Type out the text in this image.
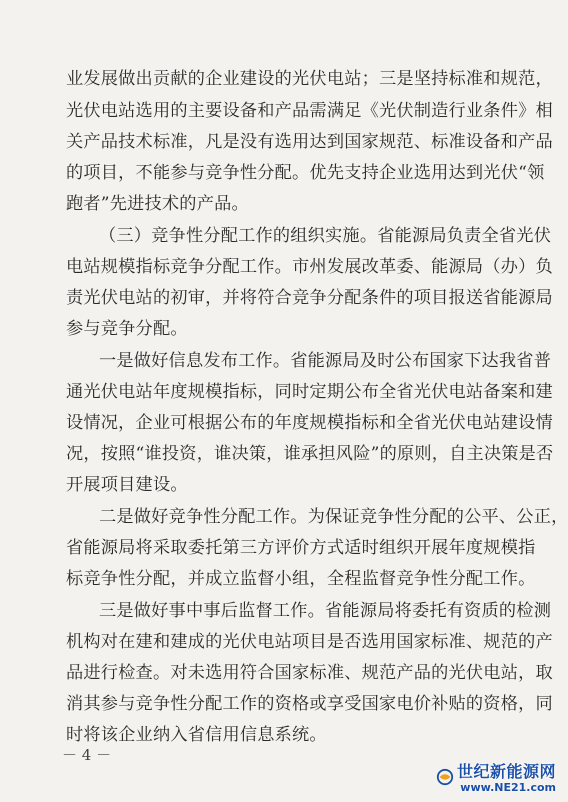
业发展做出贡献的企业建设的光伏电站；三是坚持标准和规范，
光伏电站选用的主要设备和产品需满足《光伏制造行业条件》相
关产品技术标准，凡是没有选用达到国家规范、标准设备和产品
的项目，不能参与竞争性分配。优先支持企业选用达到光伏“领
跑者”先进技术的产品。
（三）竞争性分配工作的组织实施。省能源局负责全省光伏
电站规模指标竞争分配工作。市州发展改革委、能源局（办）负
责光伏电站的初审，并将符合竞争分配条件的项目报送省能源局
参与竞争分配。
一是做好信息发布工作。省能源局及时公布国家下达我省普
通光伏电站年度规模指标，同时定期公布全省光伏电站备案和建
设情况，企业可根据公布的年度规模指标和全省光伏电站建设情
况，按照“谁投资，谁决策，谁承担风险”的原则，自主决策是否
开展项目建设。
二是做好竞争性分配工作。为保证竞争性分配的公平、公正，
省能源局将采取委托第三方评价方式适时组织开展年度规模指
标竞争性分配，并成立监督小组，全程监督竞争性分配工作。
三是做好事中事后监督工作。省能源局将委托有资质的检测
机构对在建和建成的光伏电站项目是否选用国家标准、规范的产
品进行检查。对未选用符合国家标准、规范产品的光伏电站，取
消其参与竞争性分配工作的资格或享受国家电价补贴的资格，同
时将该企业纳入省信用信息系统。
－ 4 －
世纪新能源网
www.NE21.com
